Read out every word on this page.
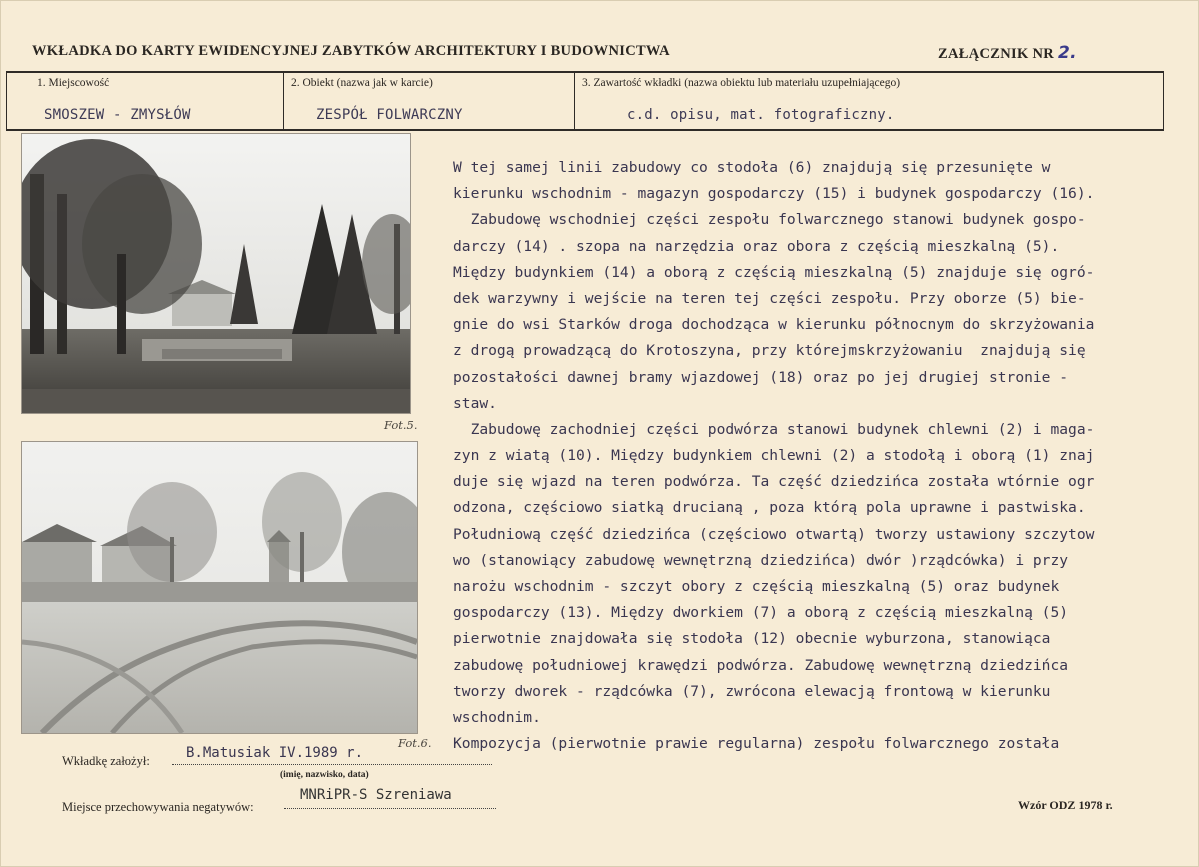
WKŁADKA DO KARTY EWIDENCYJNEJ ZABYTKÓW ARCHITEKTURY I BUDOWNICTWA	ZAŁĄCZNIK NR 2.
1. Miejscowość
SMOSZEW - ZMYSŁÓW
2. Obiekt (nazwa jak w karcie)
ZESPÓŁ FOLWARCZNY
3. Zawartość wkładki (nazwa obiektu lub materiału uzupełniającego)
c.d. opisu, mat. fotograficzny.
Fot.5.
Fot.6.
W tej samej linii zabudowy co stodoła (6) znajdują się przesunięte w
kierunku wschodnim - magazyn gospodarczy (15) i budynek gospodarczy (16).
Zabudowę wschodniej części zespołu folwarcznego stanowi budynek gospo-
darczy (14) . szopa na narzędzia oraz obora z częścią mieszkalną (5).
Między budynkiem (14) a oborą z częścią mieszkalną (5) znajduje się ogró-
dek warzywny i wejście na teren tej części zespołu. Przy oborze (5) bie-
gnie do wsi Starków droga dochodząca w kierunku północnym do skrzyżowania
z drogą prowadzącą do Krotoszyna, przy którejmskrzyżowaniu  znajdują się
pozostałości dawnej bramy wjazdowej (18) oraz po jej drugiej stronie -
staw.
Zabudowę zachodniej części podwórza stanowi budynek chlewni (2) i maga-
zyn z wiatą (10). Między budynkiem chlewni (2) a stodołą i oborą (1) znaj
duje się wjazd na teren podwórza. Ta część dziedzińca została wtórnie ogr
odzona, częściowo siatką drucianą , poza którą pola uprawne i pastwiska.
Południową część dziedzińca (częściowo otwartą) tworzy ustawiony szczytow
wo (stanowiący zabudowę wewnętrzną dziedzińca) dwór )rządcówka) i przy
narożu wschodnim - szczyt obory z częścią mieszkalną (5) oraz budynek
gospodarczy (13). Między dworkiem (7) a oborą z częścią mieszkalną (5)
pierwotnie znajdowała się stodoła (12) obecnie wyburzona, stanowiąca
zabudowę południowej krawędzi podwórza. Zabudowę wewnętrzną dziedzińca
tworzy dworek - rządcówka (7), zwrócona elewacją frontową w kierunku
wschodnim.
Kompozycja (pierwotnie prawie regularna) zespołu folwarcznego została
Wkładkę założył:	B.Matusiak IV.1989 r.
(imię, nazwisko, data)
Miejsce przechowywania negatywów:
MNRiPR-S Szreniawa
Wzór ODZ 1978 r.
